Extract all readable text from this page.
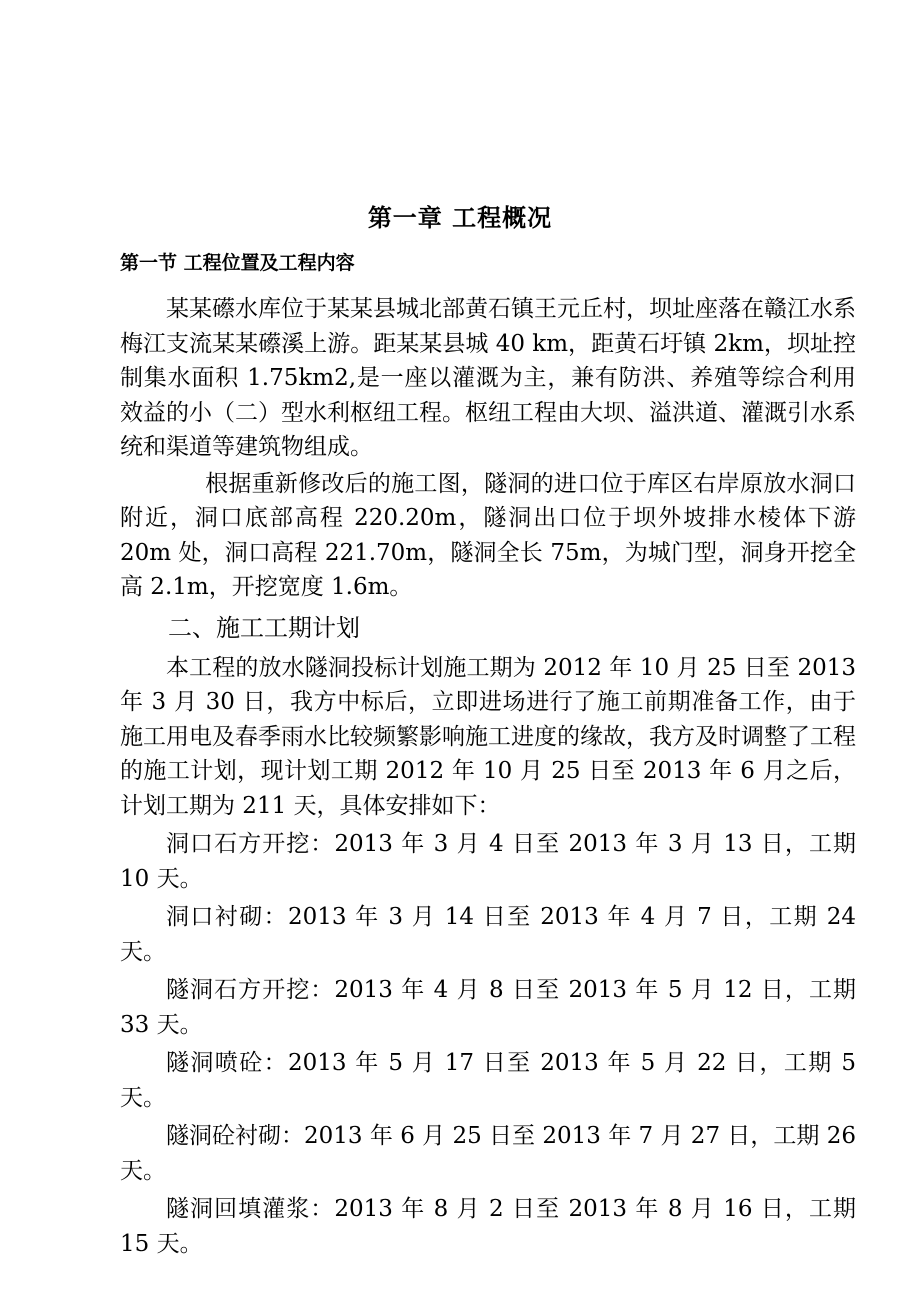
第一章 工程概况
第一节 工程位置及工程内容

某某礤水库位于某某县城北部黄石镇王元丘村，坝址座落在赣江水系梅江支流某某礤溪上游。距某某县城 40 km，距黄石圩镇 2km，坝址控制集水面积 1.75km2,是一座以灌溉为主，兼有防洪、养殖等综合利用效益的小（二）型水利枢纽工程。枢纽工程由大坝、溢洪道、灌溉引水系统和渠道等建筑物组成。

根据重新修改后的施工图，隧洞的进口位于库区右岸原放水洞口附近，洞口底部高程 220.20m，隧洞出口位于坝外坡排水棱体下游 20m 处，洞口高程 221.70m，隧洞全长 75m，为城门型，洞身开挖全高 2.1m，开挖宽度 1.6m。

二、施工工期计划

本工程的放水隧洞投标计划施工期为 2012 年 10 月 25 日至 2013 年 3 月 30 日，我方中标后，立即进场进行了施工前期准备工作，由于施工用电及春季雨水比较频繁影响施工进度的缘故，我方及时调整了工程的施工计划，现计划工期 2012 年 10 月 25 日至 2013 年 6 月之后，计划工期为 211 天，具体安排如下：

洞口石方开挖：2013 年 3 月 4 日至 2013 年 3 月 13 日，工期 10 天。

洞口衬砌：2013 年 3 月 14 日至 2013 年 4 月 7 日，工期 24 天。

隧洞石方开挖：2013 年 4 月 8 日至 2013 年 5 月 12 日，工期 33 天。

隧洞喷砼：2013 年 5 月 17 日至 2013 年 5 月 22 日，工期 5 天。

隧洞砼衬砌：2013 年 6 月 25 日至 2013 年 7 月 27 日，工期 26 天。

隧洞回填灌浆：2013 年 8 月 2 日至 2013 年 8 月 16 日，工期 15 天。
